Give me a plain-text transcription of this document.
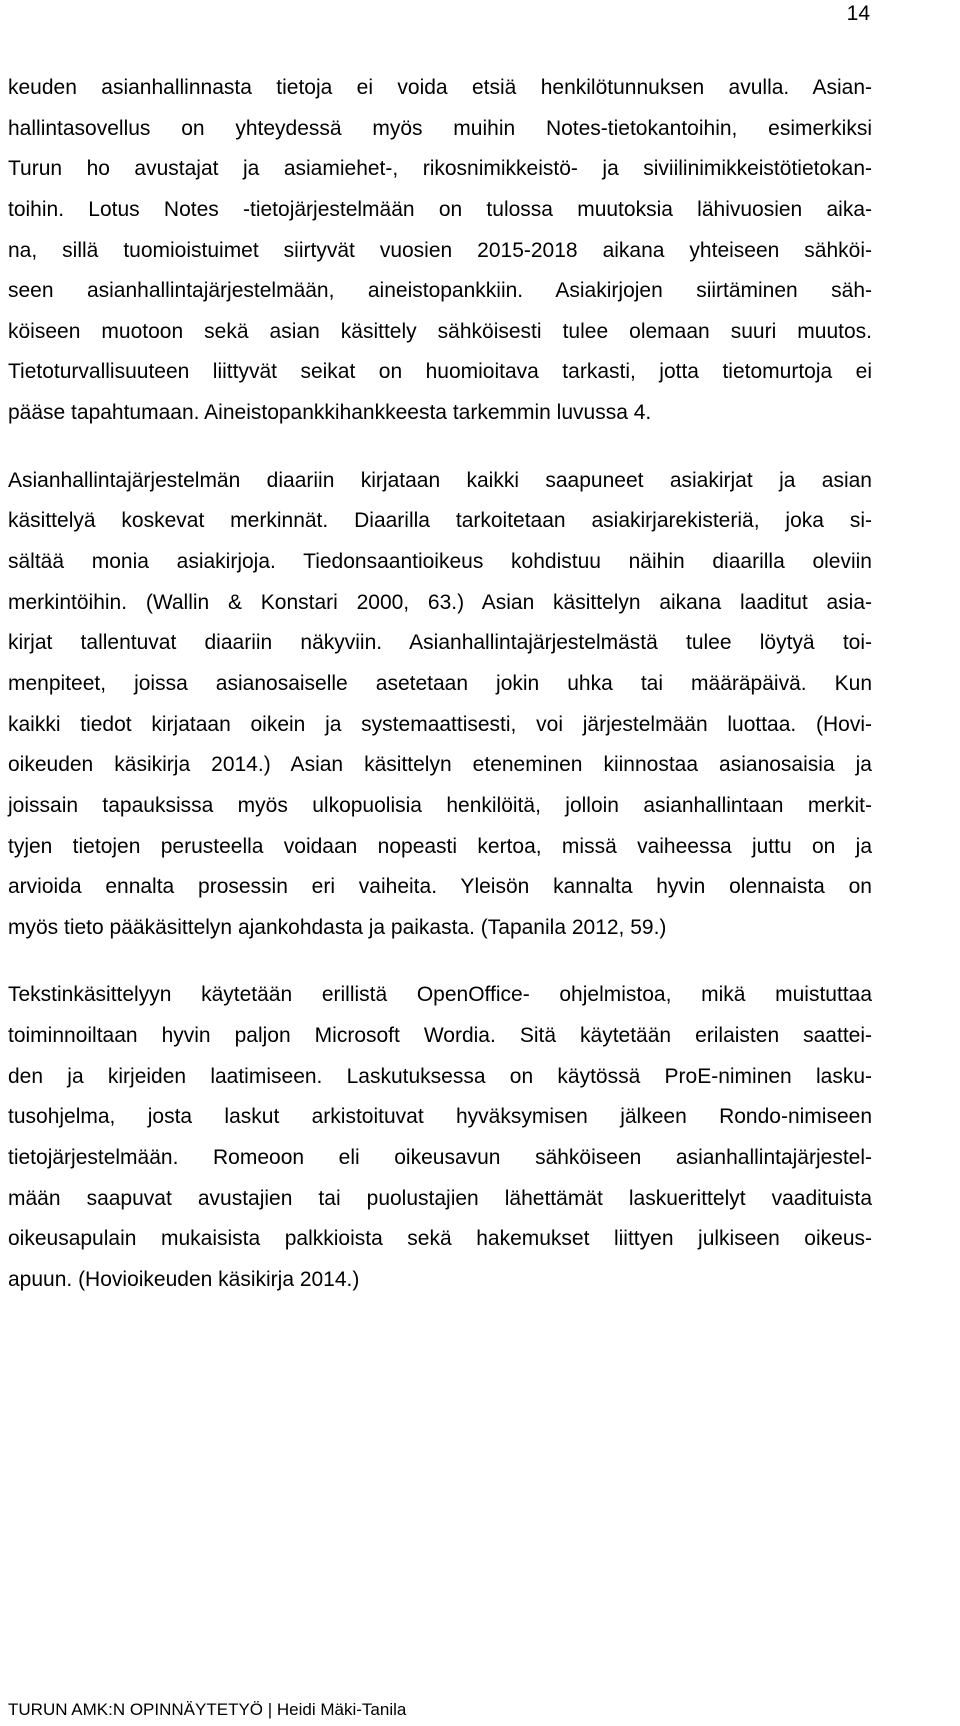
14
keuden asianhallinnasta tietoja ei voida etsiä henkilötunnuksen avulla. Asian-
hallintasovellus on yhteydessä myös muihin Notes-tietokantoihin, esimerkiksi
Turun ho avustajat ja asiamiehet-, rikosnimikkeistö- ja siviilinimikkeistötietokan-
toihin. Lotus Notes -tietojärjestelmään on tulossa muutoksia lähivuosien aika-
na, sillä tuomioistuimet siirtyvät vuosien 2015-2018 aikana yhteiseen sähköi-
seen asianhallintajärjestelmään, aineistopankkiin. Asiakirjojen siirtäminen säh-
köiseen muotoon sekä asian käsittely sähköisesti tulee olemaan suuri muutos.
Tietoturvallisuuteen liittyvät seikat on huomioitava tarkasti, jotta tietomurtoja ei
pääse tapahtumaan. Aineistopankkihankkeesta tarkemmin luvussa 4.
Asianhallintajärjestelmän diaariin kirjataan kaikki saapuneet asiakirjat ja asian
käsittelyä koskevat merkinnät. Diaarilla tarkoitetaan asiakirjarekisteriä, joka si-
sältää monia asiakirjoja. Tiedonsaantioikeus kohdistuu näihin diaarilla oleviin
merkintöihin. (Wallin & Konstari 2000, 63.) Asian käsittelyn aikana laaditut asia-
kirjat tallentuvat diaariin näkyviin. Asianhallintajärjestelmästä tulee löytyä toi-
menpiteet, joissa asianosaiselle asetetaan jokin uhka tai määräpäivä. Kun
kaikki tiedot kirjataan oikein ja systemaattisesti, voi järjestelmään luottaa. (Hovi-
oikeuden käsikirja 2014.) Asian käsittelyn eteneminen kiinnostaa asianosaisia ja
joissain tapauksissa myös ulkopuolisia henkilöitä, jolloin asianhallintaan merkit-
tyjen tietojen perusteella voidaan nopeasti kertoa, missä vaiheessa juttu on ja
arvioida ennalta prosessin eri vaiheita. Yleisön kannalta hyvin olennaista on
myös tieto pääkäsittelyn ajankohdasta ja paikasta. (Tapanila 2012, 59.)
Tekstinkäsittelyyn käytetään erillistä OpenOffice- ohjelmistoa, mikä muistuttaa
toiminnoiltaan hyvin paljon Microsoft Wordia. Sitä käytetään erilaisten saattei-
den ja kirjeiden laatimiseen. Laskutuksessa on käytössä ProE-niminen lasku-
tusohjelma, josta laskut arkistoituvat hyväksymisen jälkeen Rondo-nimiseen
tietojärjestelmään. Romeoon eli oikeusavun sähköiseen asianhallintajärjestel-
mään saapuvat avustajien tai puolustajien lähettämät laskuerittelyt vaadituista
oikeusapulain mukaisista palkkioista sekä hakemukset liittyen julkiseen oikeus-
apuun. (Hovioikeuden käsikirja 2014.)
TURUN AMK:N OPINNÄYTETYÖ | Heidi Mäki-Tanila
